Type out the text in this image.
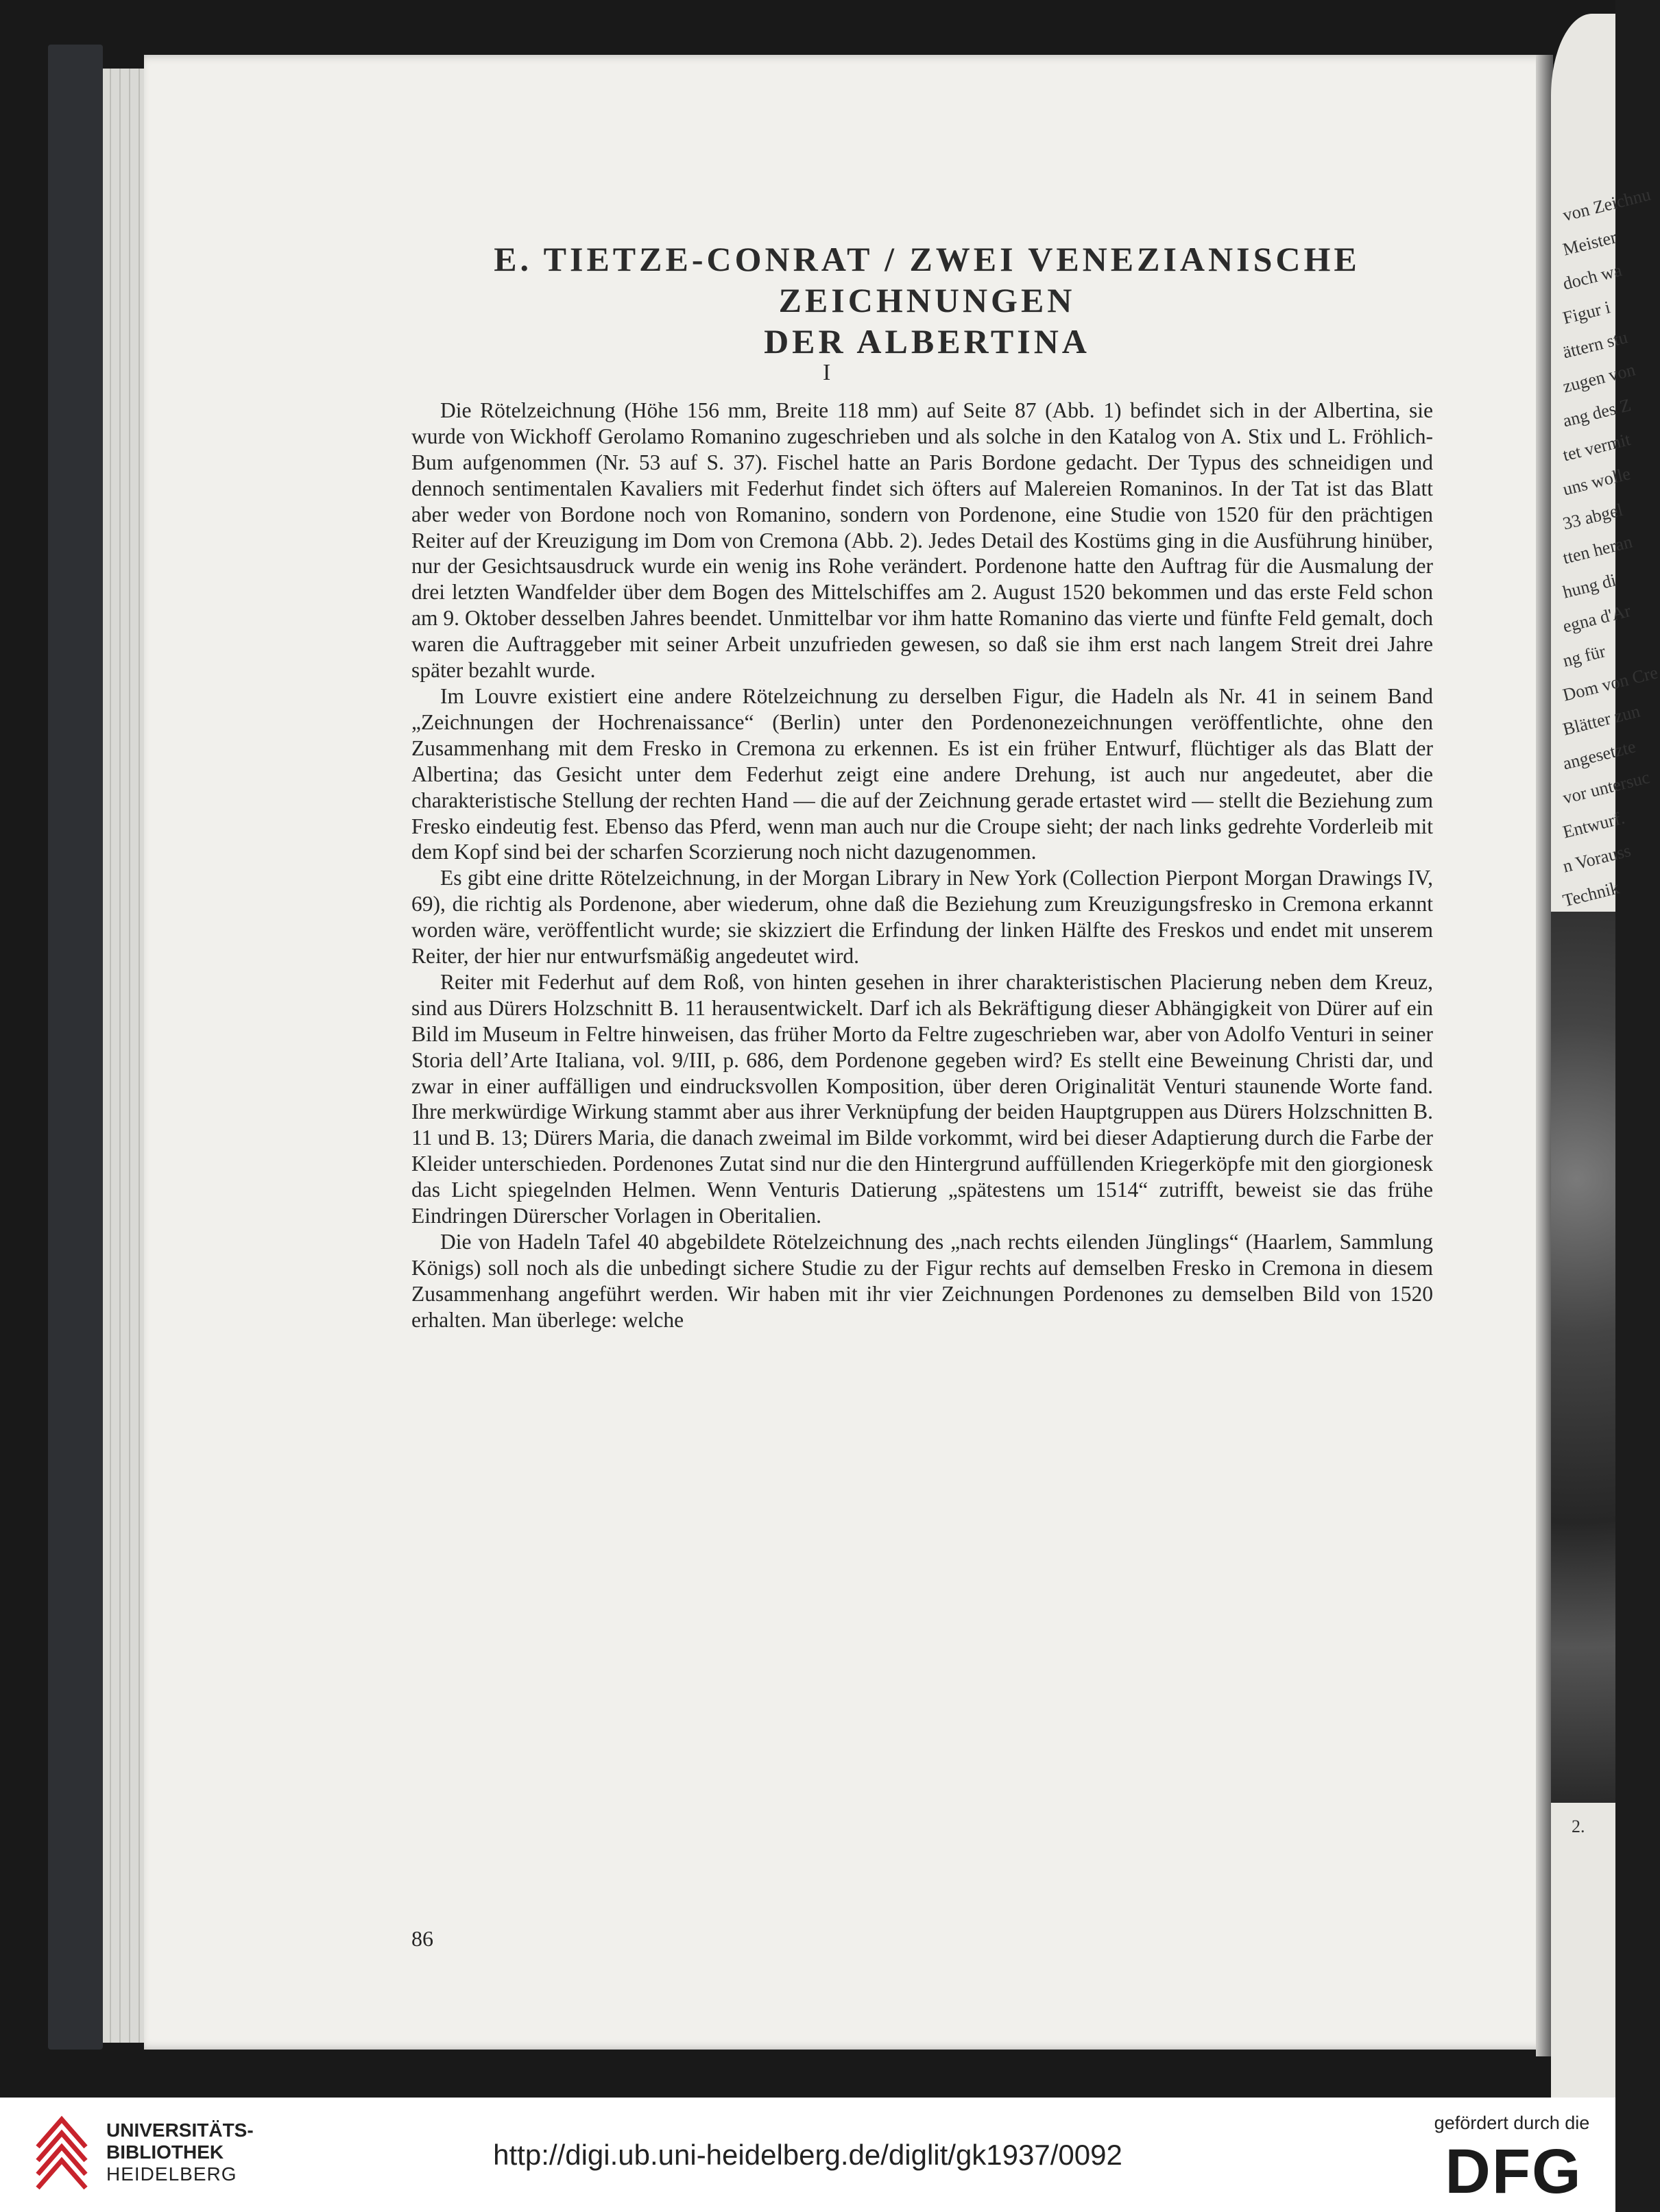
von Zeichnu
Meister
doch wa
Figur i
ättern stu
zugen von
ang des Z
tet vermit
uns wolle
33 abgel
tten heran
hung di
egna d'Ar
ng für
Dom von Cre
Blätter zun
angesetzte
vor untersuc
Entwurf.
n Vorauss
Technik
2.
E. TIETZE-CONRAT / ZWEI VENEZIANISCHE ZEICHNUNGEN
DER ALBERTINA
I

Die Rötelzeichnung (Höhe 156 mm, Breite 118 mm) auf Seite 87 (Abb. 1) befindet sich in der Albertina, sie wurde von Wickhoff Gerolamo Romanino zugeschrieben und als solche in den Katalog von A. Stix und L. Fröhlich-Bum aufgenommen (Nr. 53 auf S. 37). Fischel hatte an Paris Bordone gedacht. Der Typus des schneidigen und dennoch sentimentalen Kavaliers mit Federhut findet sich öfters auf Malereien Romaninos. In der Tat ist das Blatt aber weder von Bordone noch von Romanino, sondern von Pordenone, eine Studie von 1520 für den prächtigen Reiter auf der Kreuzigung im Dom von Cremona (Abb. 2). Jedes Detail des Kostüms ging in die Ausführung hinüber, nur der Gesichtsausdruck wurde ein wenig ins Rohe verändert. Pordenone hatte den Auftrag für die Ausmalung der drei letzten Wandfelder über dem Bogen des Mittelschiffes am 2. August 1520 bekommen und das erste Feld schon am 9. Oktober desselben Jahres beendet. Unmittelbar vor ihm hatte Romanino das vierte und fünfte Feld gemalt, doch waren die Auftraggeber mit seiner Arbeit unzufrieden gewesen, so daß sie ihm erst nach langem Streit drei Jahre später bezahlt wurde.

Im Louvre existiert eine andere Rötelzeichnung zu derselben Figur, die Hadeln als Nr. 41 in seinem Band „Zeichnungen der Hochrenaissance“ (Berlin) unter den Pordenonezeichnungen veröffentlichte, ohne den Zusammenhang mit dem Fresko in Cremona zu erkennen. Es ist ein früher Entwurf, flüchtiger als das Blatt der Albertina; das Gesicht unter dem Federhut zeigt eine andere Drehung, ist auch nur angedeutet, aber die charakteristische Stellung der rechten Hand — die auf der Zeichnung gerade ertastet wird — stellt die Beziehung zum Fresko eindeutig fest. Ebenso das Pferd, wenn man auch nur die Croupe sieht; der nach links gedrehte Vorderleib mit dem Kopf sind bei der scharfen Scorzierung noch nicht dazugenommen.

Es gibt eine dritte Rötelzeichnung, in der Morgan Library in New York (Collection Pierpont Morgan Drawings IV, 69), die richtig als Pordenone, aber wiederum, ohne daß die Beziehung zum Kreuzigungsfresko in Cremona erkannt worden wäre, veröffentlicht wurde; sie skizziert die Erfindung der linken Hälfte des Freskos und endet mit unserem Reiter, der hier nur entwurfsmäßig angedeutet wird.

Reiter mit Federhut auf dem Roß, von hinten gesehen in ihrer charakteristischen Placierung neben dem Kreuz, sind aus Dürers Holzschnitt B. 11 herausentwickelt. Darf ich als Bekräftigung dieser Abhängigkeit von Dürer auf ein Bild im Museum in Feltre hinweisen, das früher Morto da Feltre zugeschrieben war, aber von Adolfo Venturi in seiner Storia dell’Arte Italiana, vol. 9/III, p. 686, dem Pordenone gegeben wird? Es stellt eine Beweinung Christi dar, und zwar in einer auffälligen und eindrucksvollen Komposition, über deren Originalität Venturi staunende Worte fand. Ihre merkwürdige Wirkung stammt aber aus ihrer Verknüpfung der beiden Hauptgruppen aus Dürers Holzschnitten B. 11 und B. 13; Dürers Maria, die danach zweimal im Bilde vorkommt, wird bei dieser Adaptierung durch die Farbe der Kleider unterschieden. Pordenones Zutat sind nur die den Hintergrund auffüllenden Kriegerköpfe mit den giorgionesk das Licht spiegelnden Helmen. Wenn Venturis Datierung „spätestens um 1514“ zutrifft, beweist sie das frühe Eindringen Dürerscher Vorlagen in Oberitalien.

Die von Hadeln Tafel 40 abgebildete Rötelzeichnung des „nach rechts eilenden Jünglings“ (Haarlem, Sammlung Königs) soll noch als die unbedingt sichere Studie zu der Figur rechts auf demselben Fresko in Cremona in diesem Zusammenhang angeführt werden. Wir haben mit ihr vier Zeichnungen Pordenones zu demselben Bild von 1520 erhalten. Man überlege: welche

86
UNIVERSITÄTS-
BIBLIOTHEK
HEIDELBERG
http://digi.ub.uni-heidelberg.de/diglit/gk1937/0092
gefördert durch die
DFG
